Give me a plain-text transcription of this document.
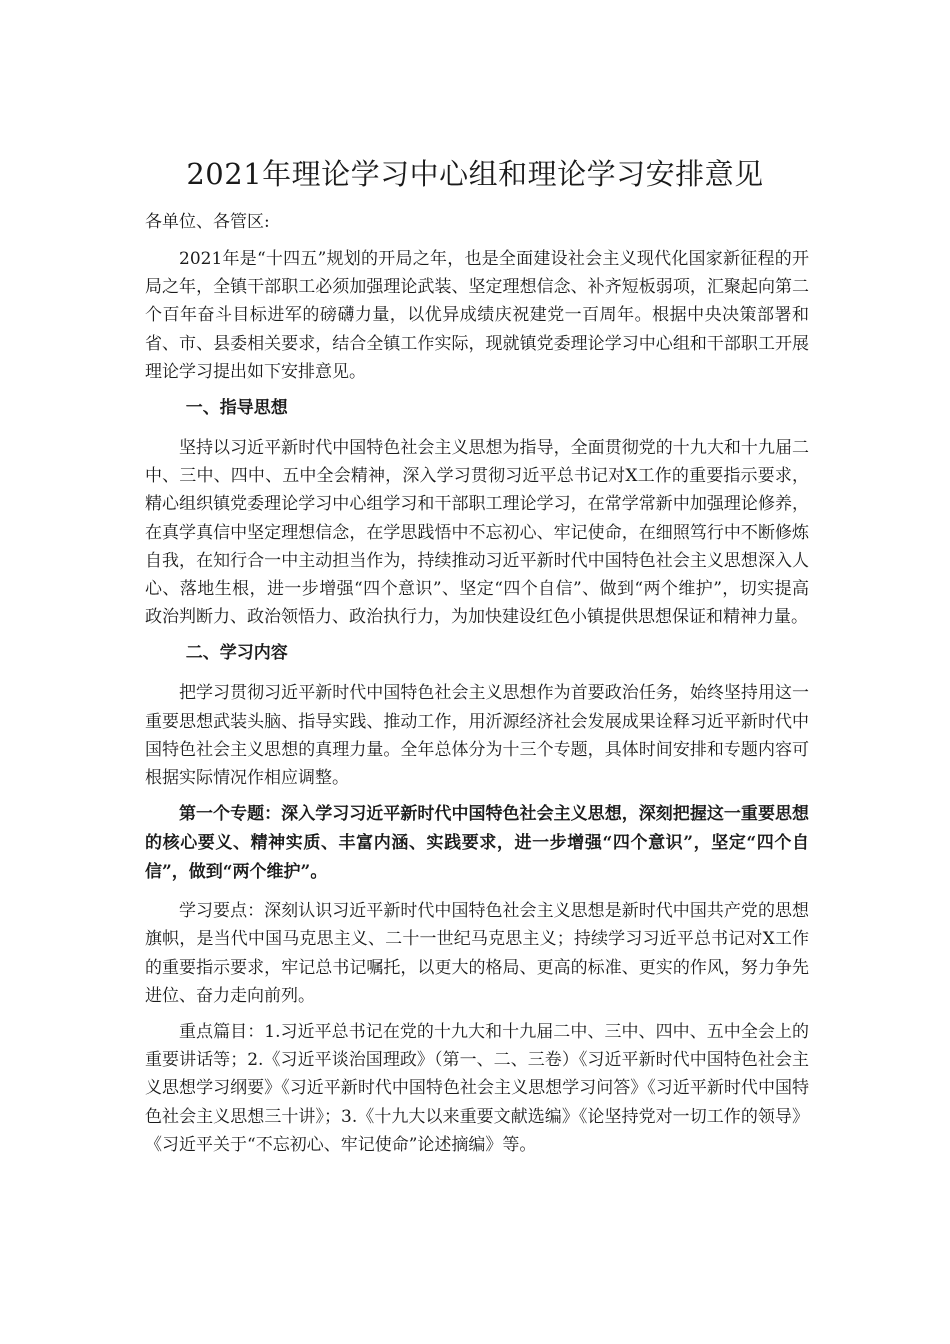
2021年理论学习中心组和理论学习安排意见

各单位、各管区:

2021年是“十四五”规划的开局之年，也是全面建设社会主义现代化国家新征程的开局之年，全镇干部职工必须加强理论武装、坚定理想信念、补齐短板弱项，汇聚起向第二个百年奋斗目标进军的磅礴力量，以优异成绩庆祝建党一百周年。根据中央决策部署和省、市、县委相关要求，结合全镇工作实际，现就镇党委理论学习中心组和干部职工开展理论学习提出如下安排意见。

一、指导思想

坚持以习近平新时代中国特色社会主义思想为指导，全面贯彻党的十九大和十九届二中、三中、四中、五中全会精神，深入学习贯彻习近平总书记对X工作的重要指示要求，精心组织镇党委理论学习中心组学习和干部职工理论学习，在常学常新中加强理论修养，在真学真信中坚定理想信念，在学思践悟中不忘初心、牢记使命，在细照笃行中不断修炼自我，在知行合一中主动担当作为，持续推动习近平新时代中国特色社会主义思想深入人心、落地生根，进一步增强“四个意识”、坚定“四个自信”、做到“两个维护”，切实提高政治判断力、政治领悟力、政治执行力，为加快建设红色小镇提供思想保证和精神力量。

二、学习内容

把学习贯彻习近平新时代中国特色社会主义思想作为首要政治任务，始终坚持用这一重要思想武装头脑、指导实践、推动工作，用沂源经济社会发展成果诠释习近平新时代中国特色社会主义思想的真理力量。全年总体分为十三个专题，具体时间安排和专题内容可根据实际情况作相应调整。

第一个专题：深入学习习近平新时代中国特色社会主义思想，深刻把握这一重要思想的核心要义、精神实质、丰富内涵、实践要求，进一步增强“四个意识”，坚定“四个自信”，做到“两个维护”。

学习要点：深刻认识习近平新时代中国特色社会主义思想是新时代中国共产党的思想旗帜，是当代中国马克思主义、二十一世纪马克思主义；持续学习习近平总书记对X工作的重要指示要求，牢记总书记嘱托，以更大的格局、更高的标准、更实的作风，努力争先进位、奋力走向前列。

重点篇目：1.习近平总书记在党的十九大和十九届二中、三中、四中、五中全会上的重要讲话等；2.《习近平谈治国理政》（第一、二、三卷）《习近平新时代中国特色社会主义思想学习纲要》《习近平新时代中国特色社会主义思想学习问答》《习近平新时代中国特色社会主义思想三十讲》；3.《十九大以来重要文献选编》《论坚持党对一切工作的领导》《习近平关于“不忘初心、牢记使命”论述摘编》等。
